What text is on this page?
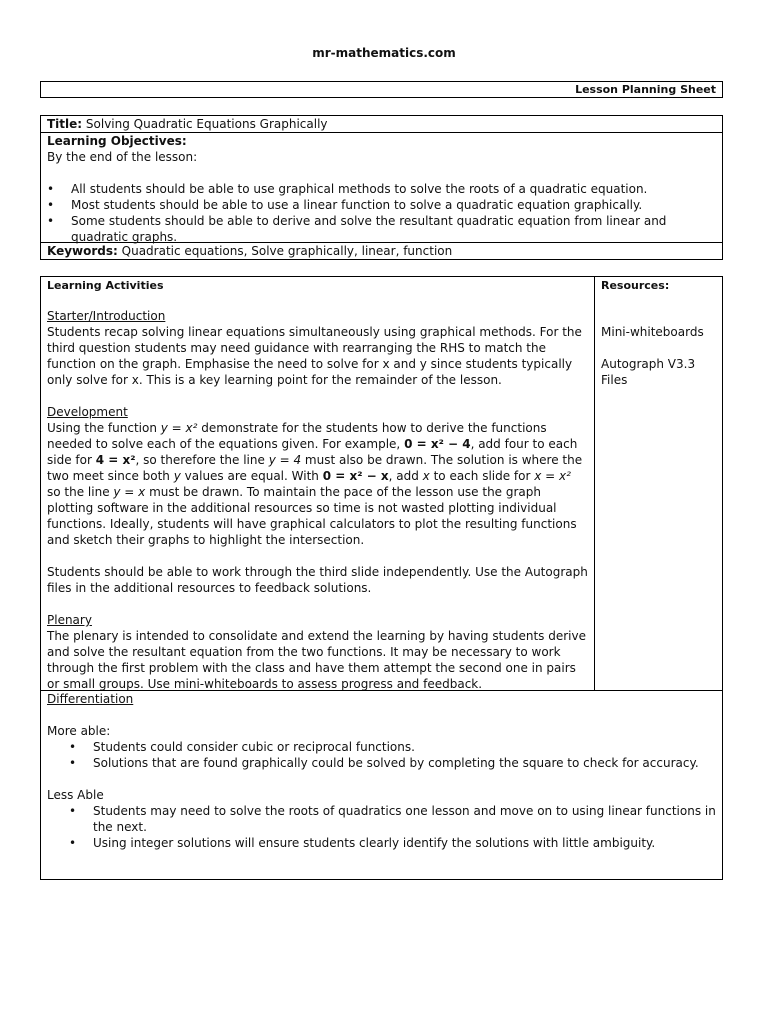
mr-mathematics.com
Lesson Planning Sheet
Title: Solving Quadratic Equations Graphically
Learning Objectives:
By the end of the lesson:
• All students should be able to use graphical methods to solve the roots of a quadratic equation.
• Most students should be able to use a linear function to solve a quadratic equation graphically.
• Some students should be able to derive and solve the resultant quadratic equation from linear and quadratic graphs.
Keywords: Quadratic equations, Solve graphically, linear, function
Learning Activities
Starter/Introduction

Students recap solving linear equations simultaneously using graphical methods. For the third question students may need guidance with rearranging the RHS to match the function on the graph. Emphasise the need to solve for x and y since students typically only solve for x. This is a key learning point for the remainder of the lesson.

Development

Using the function y = x² demonstrate for the students how to derive the functions needed to solve each of the equations given. For example, 0 = x² − 4, add four to each side for 4 = x², so therefore the line y = 4 must also be drawn. The solution is where the two meet since both y values are equal. With 0 = x² − x, add x to each slide for x = x² so the line y = x must be drawn. To maintain the pace of the lesson use the graph plotting software in the additional resources so time is not wasted plotting individual functions. Ideally, students will have graphical calculators to plot the resulting functions and sketch their graphs to highlight the intersection.

Students should be able to work through the third slide independently. Use the Autograph files in the additional resources to feedback solutions.

Plenary

The plenary is intended to consolidate and extend the learning by having students derive and solve the resultant equation from the two functions. It may be necessary to work through the first problem with the class and have them attempt the second one in pairs or small groups. Use mini-whiteboards to assess progress and feedback.

Resources:
Mini-whiteboards
Autograph V3.3 Files
Differentiation
More able:
• Students could consider cubic or reciprocal functions.
• Solutions that are found graphically could be solved by completing the square to check for accuracy.
Less Able
• Students may need to solve the roots of quadratics one lesson and move on to using linear functions in the next.
• Using integer solutions will ensure students clearly identify the solutions with little ambiguity.
